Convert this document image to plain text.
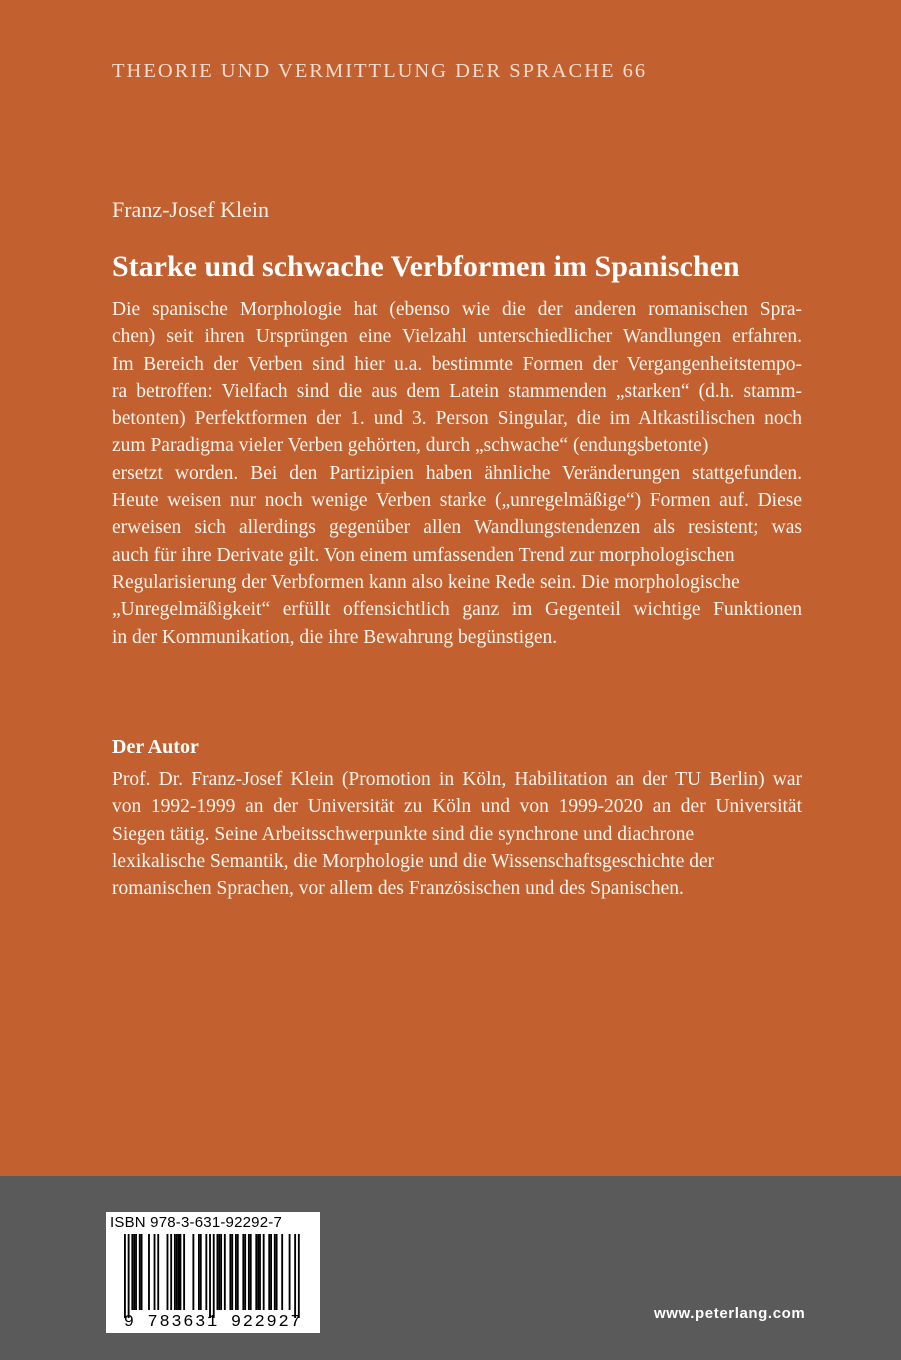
THEORIE UND VERMITTLUNG DER SPRACHE 66
Franz-Josef Klein
Starke und schwache Verbformen im Spanischen
Die spanische Morphologie hat (ebenso wie die der anderen romanischen Spra-
chen) seit ihren Ursprüngen eine Vielzahl unterschiedlicher Wandlungen erfahren.
Im Bereich der Verben sind hier u.a. bestimmte Formen der Vergangenheitstempo-
ra betroffen: Vielfach sind die aus dem Latein stammenden „starken“ (d.h. stamm-
betonten) Perfektformen der 1. und 3. Person Singular, die im Altkastilischen noch
zum Paradigma vieler Verben gehörten, durch „schwache“ (endungsbetonte)
ersetzt worden. Bei den Partizipien haben ähnliche Veränderungen stattgefunden.
Heute weisen nur noch wenige Verben starke („unregelmäßige“) Formen auf. Diese
erweisen sich allerdings gegenüber allen Wandlungstendenzen als resistent; was
auch für ihre Derivate gilt. Von einem umfassenden Trend zur morphologischen
Regularisierung der Verbformen kann also keine Rede sein. Die morphologische
„Unregelmäßigkeit“ erfüllt offensichtlich ganz im Gegenteil wichtige Funktionen
in der Kommunikation, die ihre Bewahrung begünstigen.
Der Autor
Prof. Dr. Franz-Josef Klein (Promotion in Köln, Habilitation an der TU Berlin) war
von 1992-1999 an der Universität zu Köln und von 1999-2020 an der Universität
Siegen tätig. Seine Arbeitsschwerpunkte sind die synchrone und diachrone
lexikalische Semantik, die Morphologie und die Wissenschaftsgeschichte der
romanischen Sprachen, vor allem des Französischen und des Spanischen.
ISBN 978-3-631-92292-7
9 783631 922927	www.peterlang.com
